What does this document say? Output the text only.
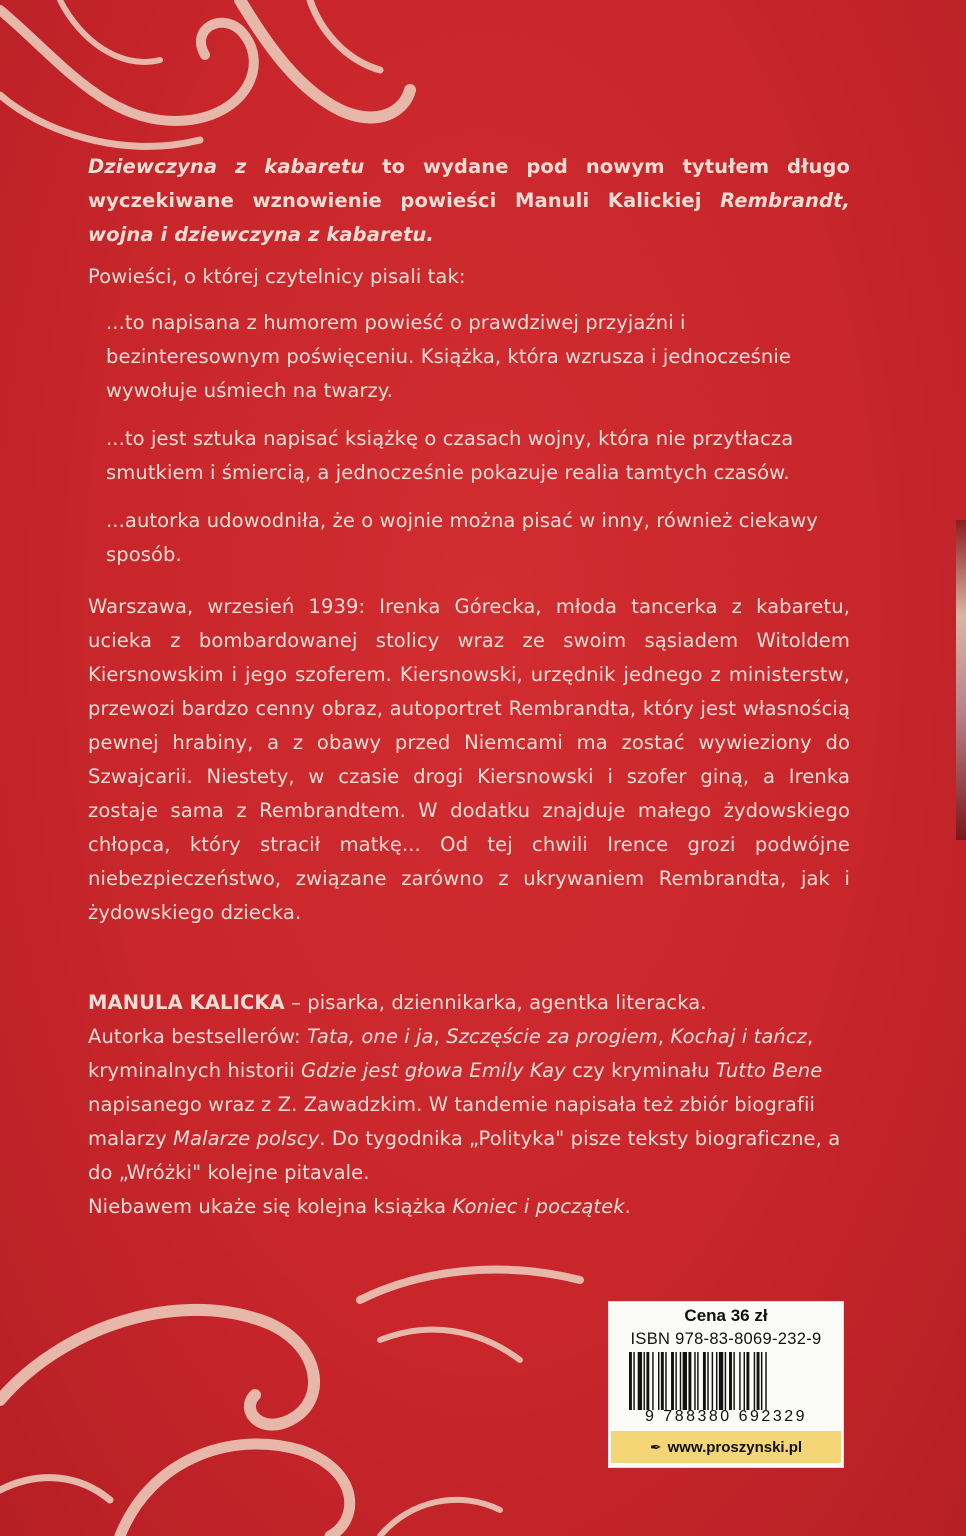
Dziewczyna z kabaretu to wydane pod nowym tytułem długo wyczekiwane wznowienie powieści Manuli Kalickiej Rembrandt, wojna i dziewczyna z kabaretu.
Powieści, o której czytelnicy pisali tak:

...to napisana z humorem powieść o prawdziwej przyjaźni i bezinteresownym poświęceniu. Książka, która wzrusza i jednocześnie wywołuje uśmiech na twarzy.

...to jest sztuka napisać książkę o czasach wojny, która nie przytłacza smutkiem i śmiercią, a jednocześnie pokazuje realia tamtych czasów.

...autorka udowodniła, że o wojnie można pisać w inny, również ciekawy sposób.

Warszawa, wrzesień 1939: Irenka Górecka, młoda tancerka z kabaretu, ucieka z bombardowanej stolicy wraz ze swoim sąsiadem Witoldem Kiersnowskim i jego szoferem. Kiersnowski, urzędnik jednego z ministerstw, przewozi bardzo cenny obraz, autoportret Rembrandta, który jest własnością pewnej hrabiny, a z obawy przed Niemcami ma zostać wywieziony do Szwajcarii. Niestety, w czasie drogi Kiersnowski i szofer giną, a Irenka zostaje sama z Rembrandtem. W dodatku znajduje małego żydowskiego chłopca, który stracił matkę... Od tej chwili Irence grozi podwójne niebezpieczeństwo, związane zarówno z ukrywaniem Rembrandta, jak i żydowskiego dziecka.

MANULA KALICKA – pisarka, dziennikarka, agentka literacka.

Autorka bestsellerów: Tata, one i ja, Szczęście za progiem, Kochaj i tańcz, kryminalnych historii Gdzie jest głowa Emily Kay czy kryminału Tutto Bene napisanego wraz z Z. Zawadzkim. W tandemie napisała też zbiór biografii malarzy Malarze polscy. Do tygodnika „Polityka" pisze teksty biograficzne, a do „Wróżki" kolejne pitavale.

Niebawem ukaże się kolejna książka Koniec i początek.

Cena 36 zł
ISBN 978-83-8069-232-9
9 788380 692329
✒ www.proszynski.pl
